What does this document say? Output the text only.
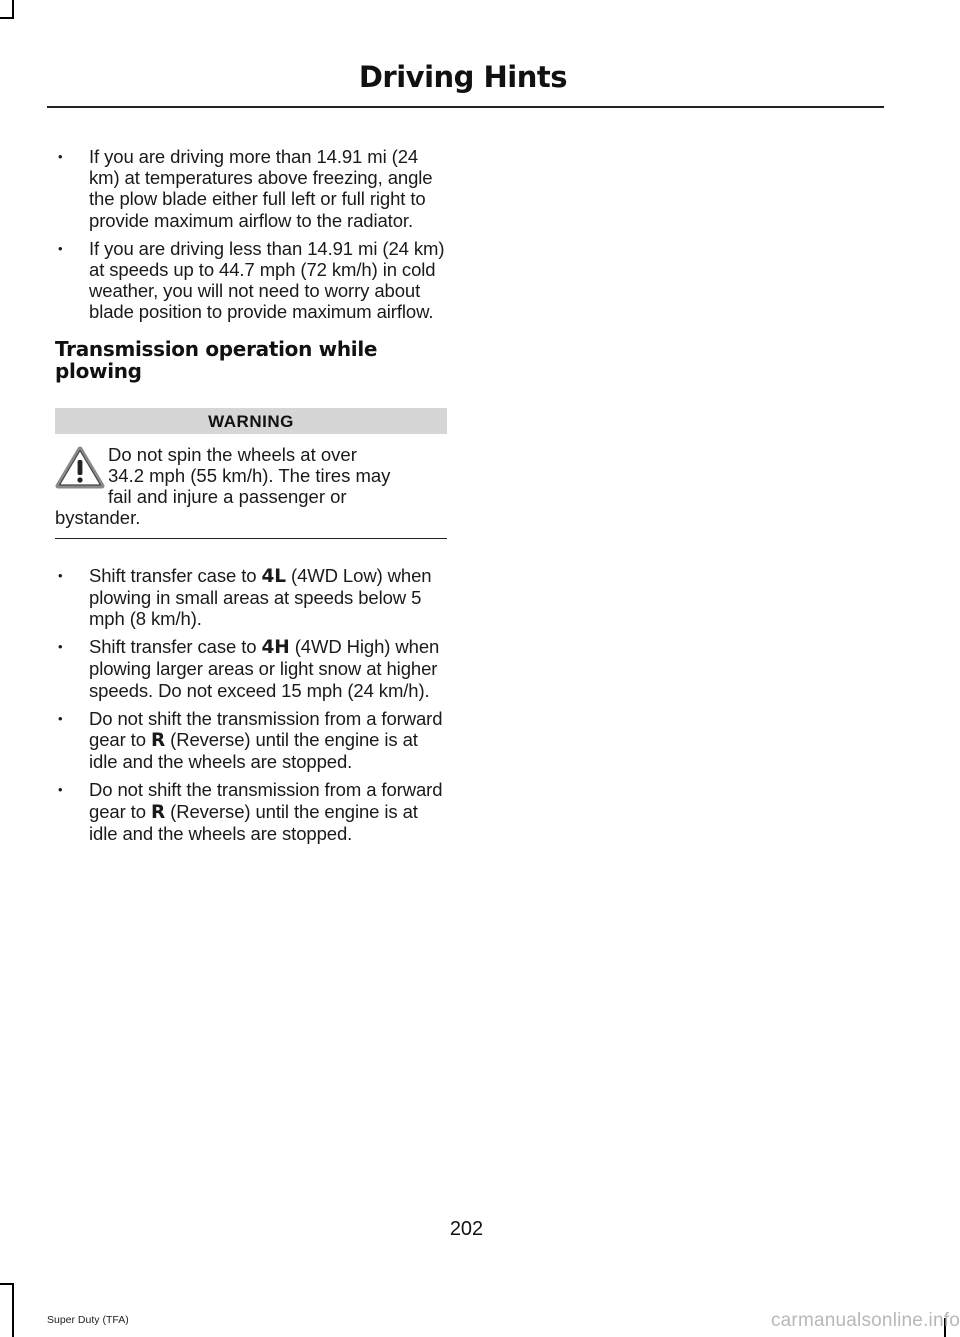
Driving Hints
• If you are driving more than 14.91 mi (24 km) at temperatures above freezing, angle the plow blade either full left or full right to provide maximum airflow to the radiator.
• If you are driving less than 14.91 mi (24 km) at speeds up to 44.7 mph (72 km/h) in cold weather, you will not need to worry about blade position to provide maximum airflow.
Transmission operation while plowing
WARNING

Do not spin the wheels at over
34.2 mph (55 km/h). The tires may
fail and injure a passenger or
bystander.

• Shift transfer case to 4L (4WD Low) when plowing in small areas at speeds below 5 mph (8 km/h).
• Shift transfer case to 4H (4WD High) when plowing larger areas or light snow at higher speeds. Do not exceed 15 mph (24 km/h).
• Do not shift the transmission from a forward gear to R (Reverse) until the engine is at idle and the wheels are stopped.
• Do not shift the transmission from a forward gear to R (Reverse) until the engine is at idle and the wheels are stopped.
202
Super Duty (TFA)	carmanualsonline.info
